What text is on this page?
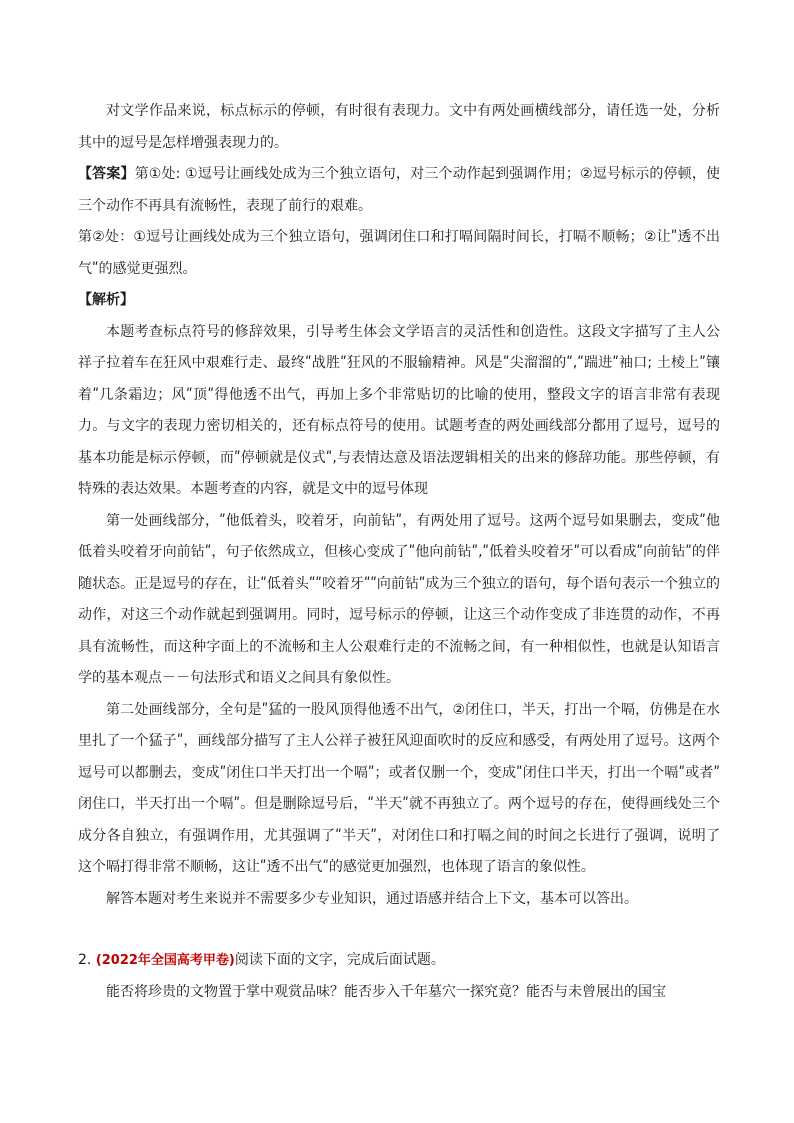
对文学作品来说，标点标示的停顿，有时很有表现力。文中有两处画横线部分，请任选一处，分析其中的逗号是怎样增强表现力的。

【答案】第①处: ①逗号让画线处成为三个独立语句，对三个动作起到强调作用；②逗号标示的停顿，使三个动作不再具有流畅性，表现了前行的艰难。

第②处：①逗号让画线处成为三个独立语句，强调闭住口和打嗝间隔时间长，打嗝不顺畅；②让ʺ透不出气ʺ的感觉更强烈。

【解析】

本题考查标点符号的修辞效果，引导考生体会文学语言的灵活性和创造性。这段文字描写了主人公祥子拉着车在狂风中艰难行走、最终ʺ战胜ʺ狂风的不服输精神。风是ʺ尖溜溜的ʺ,ʺ踹进ʺ袖口; 土棱上ʺ镶着ʺ几条霜边；风ʺ顶ʺ得他透不出气，再加上多个非常贴切的比喻的使用，整段文字的语言非常有表现力。与文字的表现力密切相关的，还有标点符号的使用。试题考查的两处画线部分都用了逗号，逗号的基本功能是标示停顿，而ʺ停顿就是仪式ʺ,与表情达意及语法逻辑相关的出来的修辞功能。那些停顿，有特殊的表达效果。本题考查的内容，就是文中的逗号体现

第一处画线部分，ʺ他低着头，咬着牙，向前钻ʺ，有两处用了逗号。这两个逗号如果删去，变成ʺ他低着头咬着牙向前钻ʺ，句子依然成立，但核心变成了ʺ他向前钻ʺ,ʺ低着头咬着牙ʺ可以看成ʺ向前钻ʺ的伴随状态。正是逗号的存在，让ʺ低着头ʺʺ咬着牙ʺʺ向前钻ʺ成为三个独立的语句，每个语句表示一个独立的动作，对这三个动作就起到强调用。同时，逗号标示的停顿，让这三个动作变成了非连贯的动作，不再具有流畅性，而这种字面上的不流畅和主人公艰难行走的不流畅之间，有一种相似性，也就是认知语言学的基本观点－－句法形式和语义之间具有象似性。

第二处画线部分，全句是ʺ猛的一股风顶得他透不出气，②闭住口，半天，打出一个嗝，仿佛是在水里扎了一个猛子ʺ，画线部分描写了主人公祥子被狂风迎面吹时的反应和感受，有两处用了逗号。这两个逗号可以都删去，变成ʺ闭住口半天打出一个嗝ʺ；或者仅删一个，变成ʺ闭住口半天，打出一个嗝ʺ或者ʺ闭住口，半天打出一个嗝ʺ。但是删除逗号后，ʺ半天ʺ就不再独立了。两个逗号的存在，使得画线处三个成分各自独立，有强调作用，尤其强调了ʺ半天ʺ，对闭住口和打嗝之间的时间之长进行了强调，说明了这个嗝打得非常不顺畅，这让ʺ透不出气ʺ的感觉更加强烈，也体现了语言的象似性。

解答本题对考生来说并不需要多少专业知识，通过语感并结合上下文，基本可以答出。

2. (2022年全国高考甲卷)阅读下面的文字，完成后面试题。

能否将珍贵的文物置于掌中观赏品味？能否步入千年墓穴一探究竟？能否与未曾展出的国宝
